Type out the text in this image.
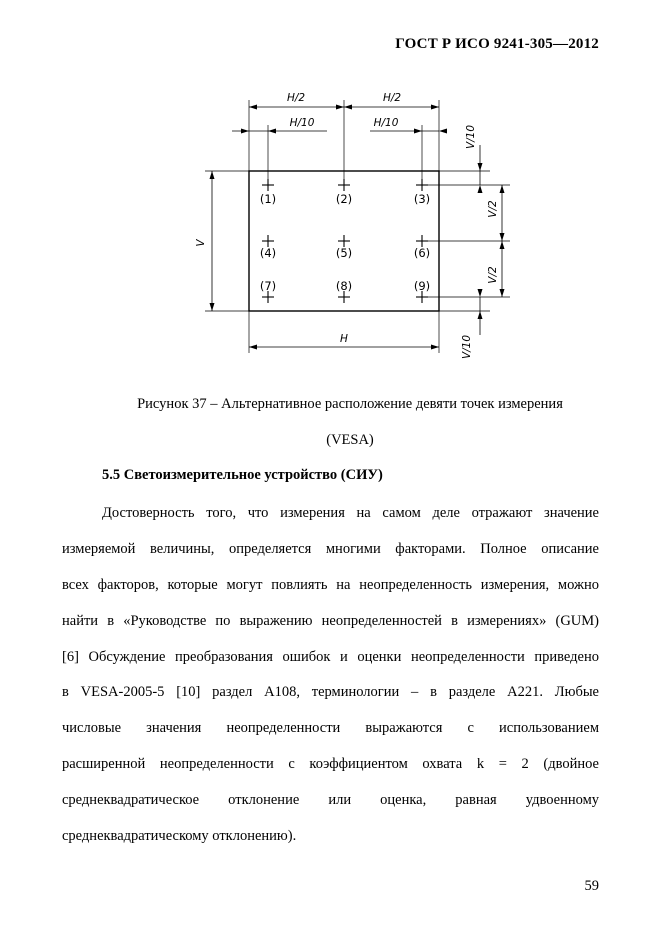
ГОСТ Р ИСО 9241-305—2012
H/2	H/2
H/10	H/10
V
V/10
V/2
V/2
V/10
H
(1)	(2)	(3)
(4)	(5)	(6)
(7)	(8)	(9)
Рисунок 37 – Альтернативное расположение девяти точек измерения
(VESA)
5.5 Светоизмерительное устройство (СИУ)
Достоверность того, что измерения на самом деле отражают значение
измеряемой величины, определяется многими факторами. Полное описание
всех факторов, которые могут повлиять на неопределенность измерения, можно
найти в «Руководстве по выражению неопределенностей в измерениях» (GUM)
[6] Обсуждение преобразования ошибок и оценки неопределенности приведено
в VESA-2005-5 [10] раздел A108, терминологии – в разделе A221. Любые
числовые значения неопределенности выражаются с использованием
расширенной неопределенности с коэффициентом охвата k = 2 (двойное
среднеквадратическое отклонение или оценка, равная удвоенному
среднеквадратическому отклонению).
59
